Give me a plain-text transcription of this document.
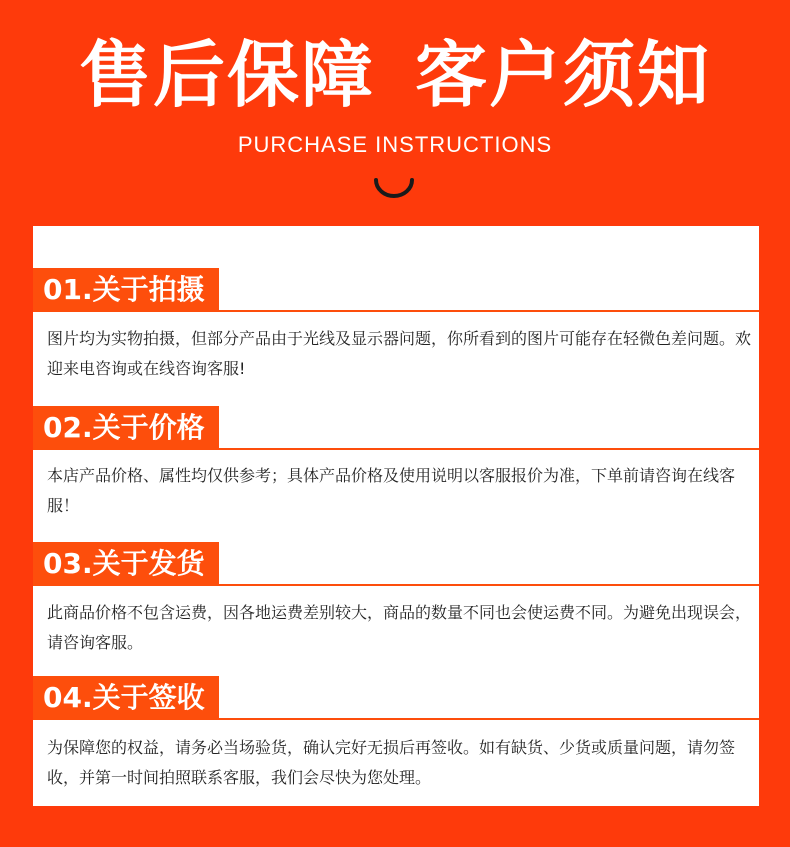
售后保障 客户须知
PURCHASE INSTRUCTIONS
01.关于拍摄
图片均为实物拍摄，但部分产品由于光线及显示器问题，你所看到的图片可能存在轻微色差问题。欢迎来电咨询或在线咨询客服!
02.关于价格
本店产品价格、属性均仅供参考；具体产品价格及使用说明以客服报价为准，下单前请咨询在线客服！
03.关于发货
此商品价格不包含运费，因各地运费差别较大，商品的数量不同也会使运费不同。为避免出现误会，请咨询客服。
04.关于签收
为保障您的权益，请务必当场验货，确认完好无损后再签收。如有缺货、少货或质量问题，请勿签收，并第一时间拍照联系客服，我们会尽快为您处理。
